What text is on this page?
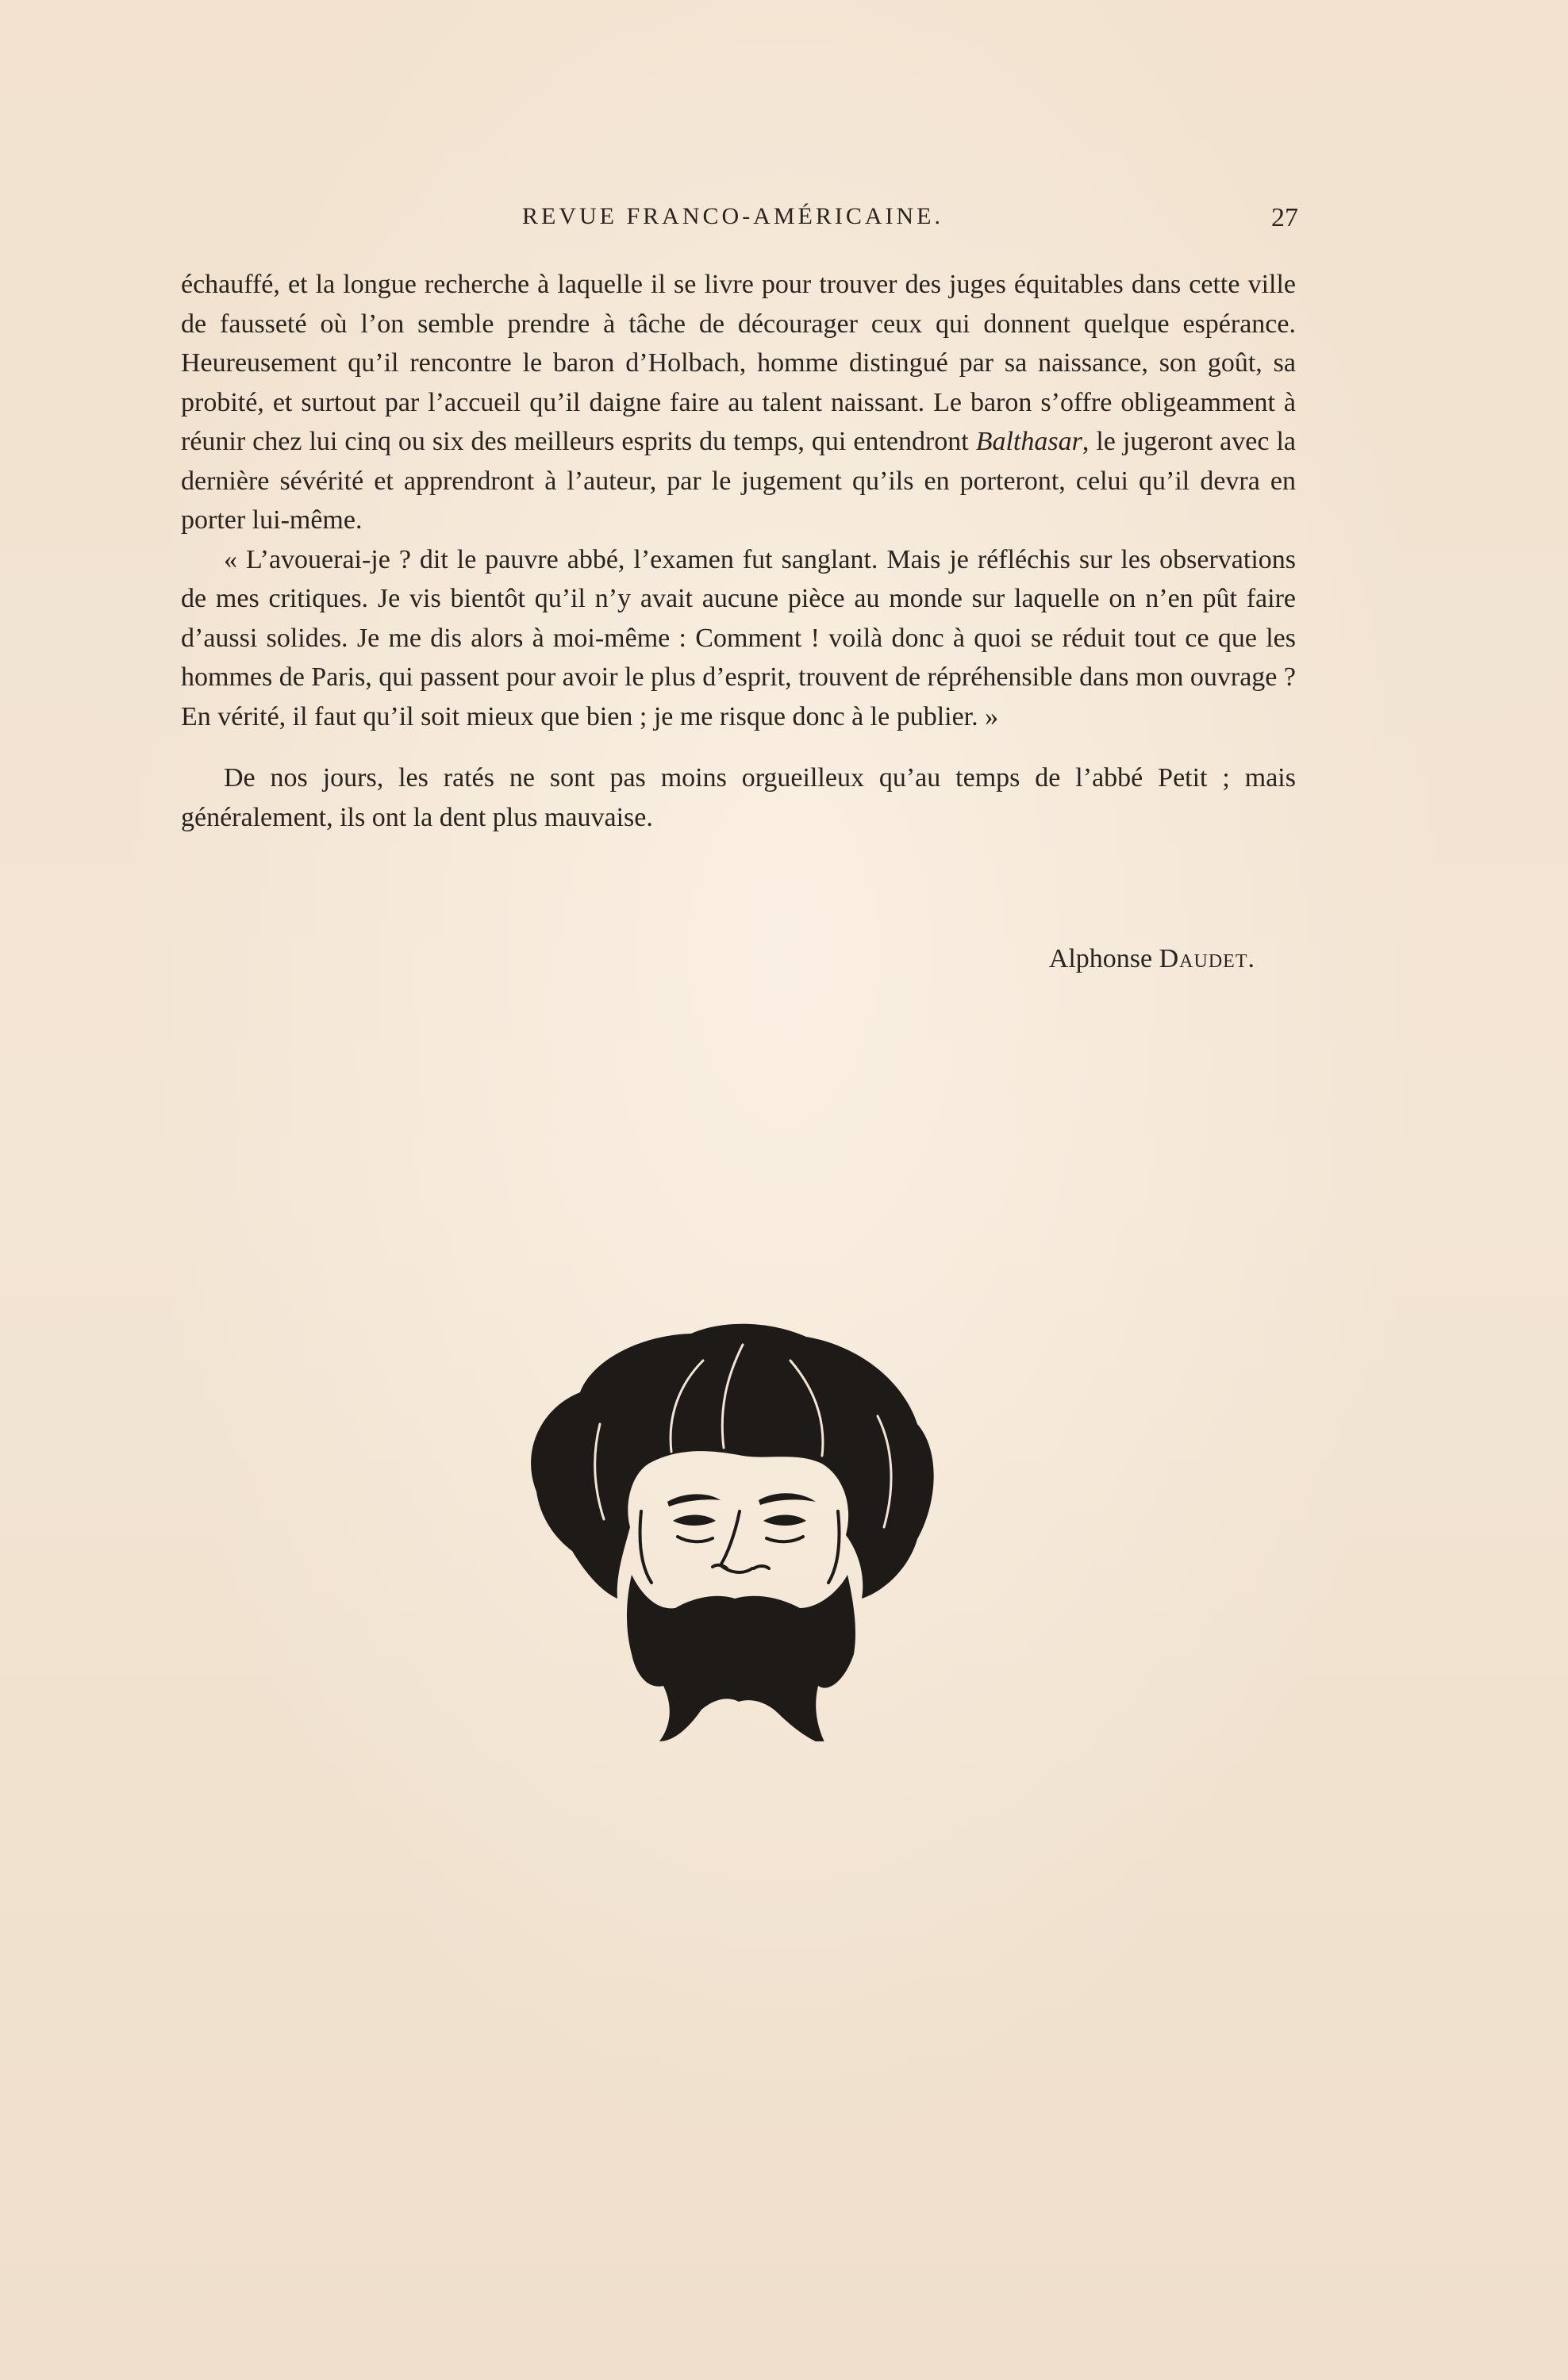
REVUE FRANCO-AMÉRICAINE.	27

échauffé, et la longue recherche à laquelle il se livre pour trouver des juges équitables dans cette ville de fausseté où l’on semble prendre à tâche de décourager ceux qui donnent quelque espérance. Heureusement qu’il rencontre le baron d’Holbach, homme distingué par sa naissance, son goût, sa probité, et surtout par l’accueil qu’il daigne faire au talent naissant. Le baron s’offre obligeamment à réunir chez lui cinq ou six des meilleurs esprits du temps, qui entendront Balthasar, le jugeront avec la dernière sévérité et apprendront à l’auteur, par le jugement qu’ils en porteront, celui qu’il devra en porter lui-même.

« L’avouerai-je ? dit le pauvre abbé, l’examen fut sanglant. Mais je réfléchis sur les observations de mes critiques. Je vis bientôt qu’il n’y avait aucune pièce au monde sur laquelle on n’en pût faire d’aussi solides. Je me dis alors à moi-même : Comment ! voilà donc à quoi se réduit tout ce que les hommes de Paris, qui passent pour avoir le plus d’esprit, trouvent de répréhensible dans mon ouvrage ? En vérité, il faut qu’il soit mieux que bien ; je me risque donc à le publier. »

De nos jours, les ratés ne sont pas moins orgueilleux qu’au temps de l’abbé Petit ; mais généralement, ils ont la dent plus mauvaise.

Alphonse Daudet.
